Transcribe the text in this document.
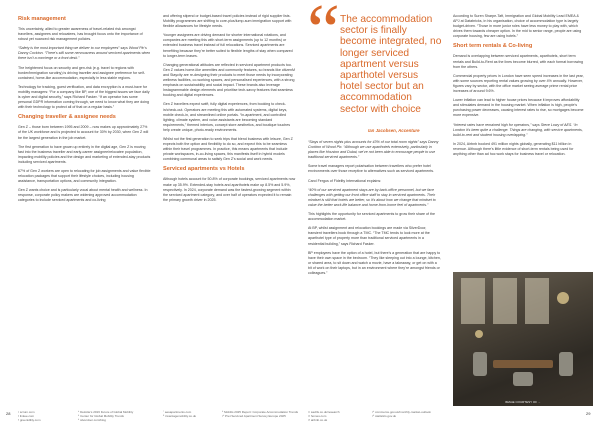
Risk management

This uncertainty, allied to greater awareness of travel-related risk amongst travellers, assignees and relocatees, has brought focus onto the importance of robust yet nuanced risk management policies.

“Safety is the most important thing we deliver to our employees” says Wood Plc’s Danny Cockton. “There’s still some nervousness around serviced apartments when there isn’t a concierge or a front desk.”

The heightened focus on security and gen-risk (e.g. travel to regions with border/immigration scrutiny) is driving traveller and assignee preference for self-contained, home-like accommodation, especially in less stable regions.

Technology for tracking, guest verification, and data encryption is a must-have for mobility managers: “For a company like BP, one of the biggest issues we face daily is cyber and digital security,” says Richard Fasker. “If an operator has some personal GDPR information coming through, we need to know what they are doing with their technology to protect all of that on a regular basis.”

Changing traveller & assignee needs

Gen Z – those born between 1995 and 2009 – now makes up approximately 27% of the UK workforce and is projected to account for 30% by 2030, when Gen Z will be the largest generation in the job market.

The first generation to have grown up entirely in the digital age, Gen Z is moving fast into the business traveller and early-career assignee/relocatee population, impacting mobility policies and the design and marketing of extended-stay products including serviced apartments.

67% of Gen Z workers are open to relocating for job assignments and value flexible relocation packages that support their lifestyle choices, including housing assistance, transportation options, and community integration.

Gen Z wants choice and is particularly vocal about mental health and wellness. In response, corporate policy makers are widening approved accommodation categories to include serviced apartments and co-living

and offering stipend or budget-based travel policies instead of rigid supplier lists. Mobility programmes are shifting to core-plus/lump-sum immigration support with flexible allowances for lifestyle needs.

Younger assignees are driving demand for shorter international rotations, and companies are meeting this with short-term assignments (up to 12 months) or extended business travel instead of full relocations. Serviced apartments are benefiting because they’re better suited to flexible lengths of stay when compared to longer-term leases.

Changing generational attitudes are reflected in serviced apartment products too. Gen Z values home-like amenities and community features, so brands like citizenM and Staycity are re-designing their products to meet those needs by incorporating wellness facilities, co-working spaces, and personalised experiences, with a strong emphasis on sustainability and social impact. These brands also leverage Instagrammable design elements and prioritise tech-savvy features that seamless booking and digital experiences.

Gen Z travellers expect swift, fully digital experiences, from booking to check-in/check-out. Operators are meeting this with automated systems, digital keys, mobile check-in, and streamlined online portals. “In-apartment, and controlled lighting, climate system, and voice assistants are becoming standard requirements,” themed interiors, concept store aesthetics, and boutique touches help create unique, photo-ready environments.

Whilst not the first generation to seek trips that blend business with leisure, Gen Z expects both the option and flexibility to do so, and expect this to be seamless within their travel programmes. In practice, this means apartments that include private workspaces, in-co-living spaces, this manifests itself in hybrid models combining communal areas to satisfy Gen Z’s social and work needs.

Serviced apartments vs Hotels

Although hotels account for 50.8% of corporate bookings, serviced apartments now make up 35.9%. Extended-stay hotels and aparthotels make up 8.5% and 5.9%, respectively. In 2024, corporate demand was the fastest-growing segment within the serviced apartment category, and over half of operators expected it to remain the primary growth driver in 2025.

“ The accommodation sector is finally become integrated, no longer serviced apartment versus aparthotel versus hotel sector but an accommodation sector with choice
Ian Jacobsen, Accenture

“Stays of seven nights plus accounts for 43% of our total room nights” says Danny Cockton of Wood Plc. “Although we use aparthotels extensively, particularly in places like Houston and Dubai, we’ve not been able to encourage people to use traditional serviced apartments.”

Some travel managers report polarisation between travellers who prefer hotel environments over those receptive to alternatives such as serviced apartments.

Carol Fergus of Fidelity International explains:

“40% of our serviced apartment stays are by back-office personnel, but we face challenges with getting our front office staff to stay in serviced apartments. Their mindset is still that hotels are better, so it’s about how we change that mindset to value the better work-life balance and home-from-home feel of apartments.”

This highlights the opportunity for serviced apartments to grow their share of the accommodation market.

At BP, whilst assignment and relocation bookings are made via SilverDoor, transient travellers book through a TMC. “The TMC tends to look more at the aparthotel type of property more than traditional serviced apartments in a residential building,” says Richard Fasker.

BP employees have the option of a hotel, but there’s a generation that are happy to have their own space in the bedroom. “They like sleeping out into a lounge, kitchen, or shared area, to sit down and watch a movie, have a takeaway, or get on with a bit of work on their laptops, but in an environment where they’re amongst friends or colleagues.”

According to Suren Sharpe-Taft, Immigration and Global Mobility Lead EMEA & APJ at Databricks, in his organisation, choice of accommodation type is largely budget-driven. “Those in more junior roles have less money to play with, which drives them towards cheaper option. In the mid to senior range, people are using corporate housing, few are using hotels.”

Short term rentals & Co-living

Demand is overlapping between serviced apartments, aparthotels, short term rentals and Build-to-Rent as the lines become blurred, with each format borrowing from the others.

Commercial property prices in London have seen speed increases in the last year, with some sources reporting rental values growing by over 4% annually. However, figures vary by sector, with the office market seeing average prime rental price increases of around 9.6%.

Lower inflation can lead to higher house prices because it improves affordability and stimulates demand in the housing market. When inflation is high, people’s purchasing power decreases, causing interest rates to rise, so mortgages become more expensive.

“Interest rates have remained high for operators,” says Steve Lowy of AES. “In London it’s been quite a challenge. Things are changing, with service apartments, build-to-rent and student housing overlapping.”

In 2024, Airbnb booked 491 million nights globally, generating $11 billion in revenue. Although there’s little evidence of short-term rentals being used for anything other than ad hoc work stays for business travel or relocation.

IMAGE COURTESY OF ...
28	29
¹ scrum.com
² linkee.com
³ greenidility.com
⁴ Deloitte's 2016 Future of Global Mobility
⁵ Center for Global Mobility Trends
⁶ silverdoor.com/blog
⁷ aesapartments.com
⁸ invantagemobility.co.uk
⁹ Mobilis 2025 Report: Corporate Accommodation Trends
¹⁰ Pret Serviced Apartment Survey Europe 2025
¹¹ savills.co.uk/research
¹² homes.com
¹³ airbnb.co.uk
¹⁴ commerce.gov.uk/monthly-market-outlook
¹⁵ statistics.gov.uk
